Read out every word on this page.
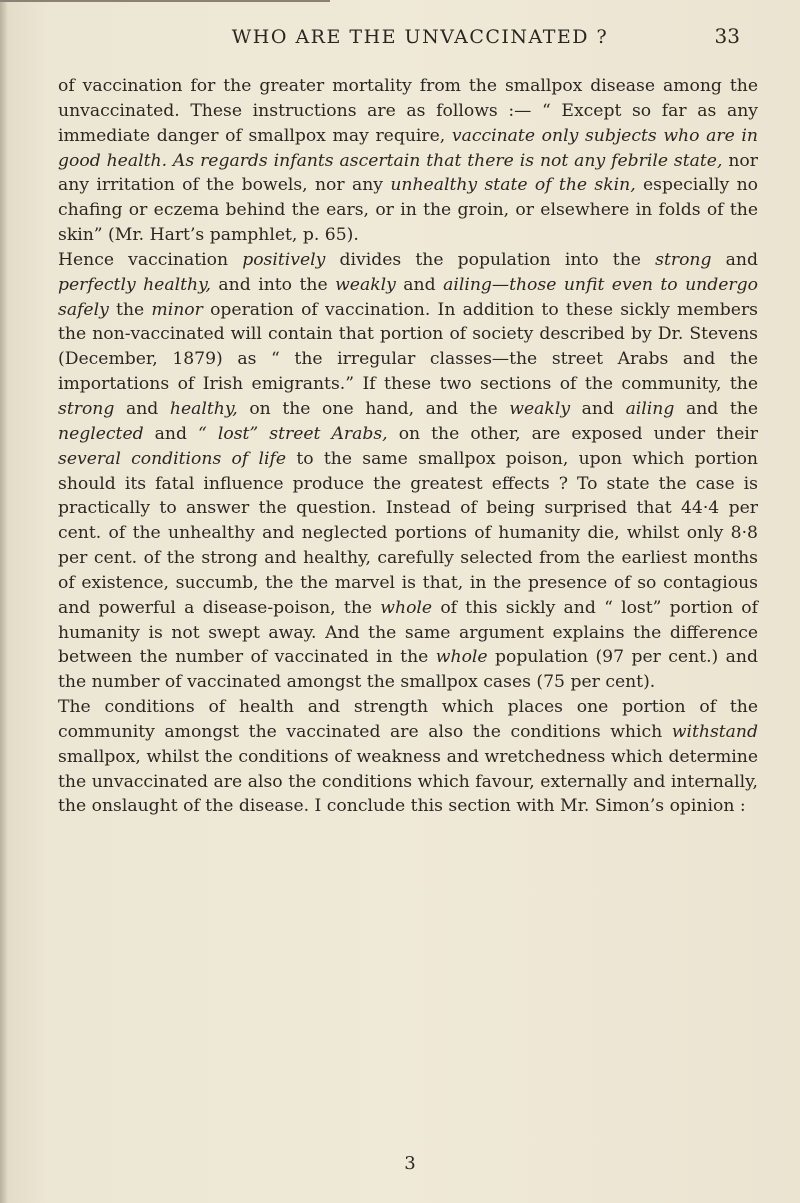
WHO ARE THE UNVACCINATED ?	33

of vaccination for the greater mortality from the smallpox disease among the unvaccinated. These instructions are as follows :— “ Except so far as any immediate danger of smallpox may require, vaccinate only subjects who are in good health. As regards infants ascertain that there is not any febrile state, nor any irritation of the bowels, nor any unhealthy state of the skin, especially no chafing or eczema behind the ears, or in the groin, or elsewhere in folds of the skin” (Mr. Hart’s pamphlet, p. 65).

Hence vaccination positively divides the population into the strong and perfectly healthy, and into the weakly and ailing—those unfit even to undergo safely the minor operation of vaccination. In addition to these sickly members the non-vaccinated will contain that portion of society described by Dr. Stevens (December, 1879) as “ the irregular classes—the street Arabs and the importations of Irish emigrants.” If these two sections of the community, the strong and healthy, on the one hand, and the weakly and ailing and the neglected and “ lost” street Arabs, on the other, are exposed under their several conditions of life to the same smallpox poison, upon which portion should its fatal influence produce the greatest effects ? To state the case is practically to answer the question. Instead of being surprised that 44·4 per cent. of the unhealthy and neglected portions of humanity die, whilst only 8·8 per cent. of the strong and healthy, carefully selected from the earliest months of existence, succumb, the the marvel is that, in the presence of so contagious and powerful a disease-poison, the whole of this sickly and “ lost” portion of humanity is not swept away. And the same argument explains the difference between the number of vaccinated in the whole population (97 per cent.) and the number of vaccinated amongst the smallpox cases (75 per cent).

The conditions of health and strength which places one portion of the community amongst the vaccinated are also the conditions which withstand smallpox, whilst the conditions of weakness and wretchedness which determine the unvaccinated are also the conditions which favour, externally and internally, the onslaught of the disease. I conclude this section with Mr. Simon’s opinion :

3
